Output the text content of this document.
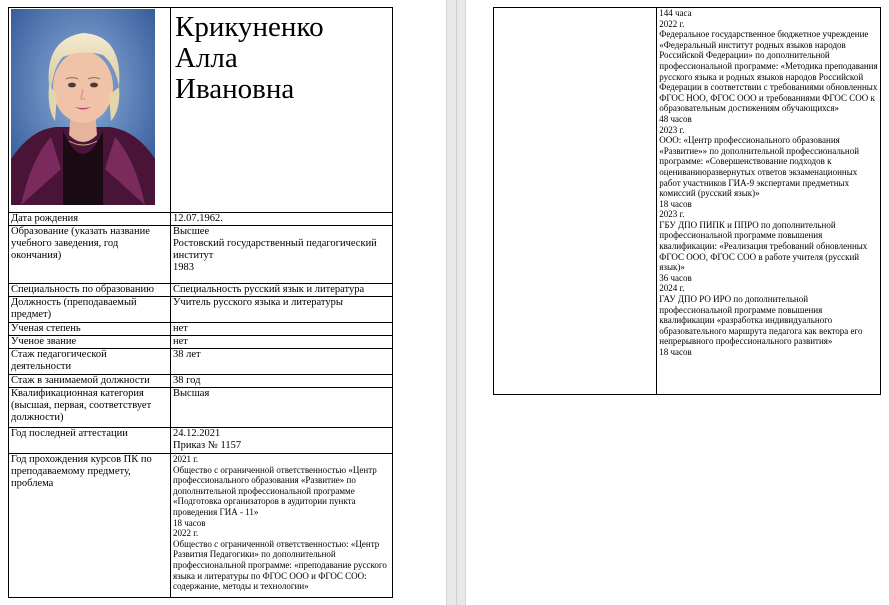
Крикуненко
Алла
Ивановна

Дата рождения	12.07.1962.

Образование (указать название учебного заведения, год окончания)	Высшее
Ростовский государственный педагогический институт
1983

Специальность по образованию	Специальность русский язык и литература

Должность (преподаваемый предмет)	Учитель русского языка и литературы

Ученая степень	нет

Ученое звание	нет

Стаж педагогической деятельности	38 лет

Стаж в занимаемой должности	38 год

Квалификационная категория (высшая, первая, соответствует должности)	Высшая

Год последней аттестации	24.12.2021
Приказ № 1157

Год прохождения курсов ПК по преподаваемому предмету, проблема	2021 г.
Общество с ограниченной ответственностью «Центр профессионального образования «Развитие» по дополнительной профессиональной программе «Подготовка организаторов в аудитории пункта проведения ГИА - 11»
18 часов
2022 г.
Общество с ограниченной ответственностью: «Центр Развития Педагогики» по дополнительной профессиональной программе: «преподавание русского языка и литературы по ФГОС ООО и ФГОС СОО: содержание, методы и технологии»

144 часа
2022 г.
Федеральное государственное бюджетное учреждение «Федеральный институт родных языков народов Российской Федерации» по дополнительной профессиональной программе: «Методика преподавания русского языка и родных языков народов Российской Федерации в соответствии с требованиями обновленных ФГОС НОО, ФГОС ООО и требованиями ФГОС СОО к образовательным достижениям обучающихся»
48 часов
2023 г.
ООО: «Центр профессионального образования «Развитие»» по дополнительной профессиональной программе: «Совершенствование подходов к оцениваниюразвернутых ответов экзаменационных работ участников ГИА-9 экспертами предметных комиссий (русский язык)»
18 часов
2023 г.
ГБУ ДПО ПИПК и ППРО по дополнительной профессиональной программе повышения квалификации: «Реализация требований обновленных ФГОС ООО, ФГОС СОО в работе учителя (русский язык)»
36 часов
2024 г.
ГАУ ДПО РО ИРО по дополнительной профессиональной программе повышения квалификации «разработка индивидуального образовательного маршрута педагога как вектора его непрерывного профессионального развития»
18 часов
